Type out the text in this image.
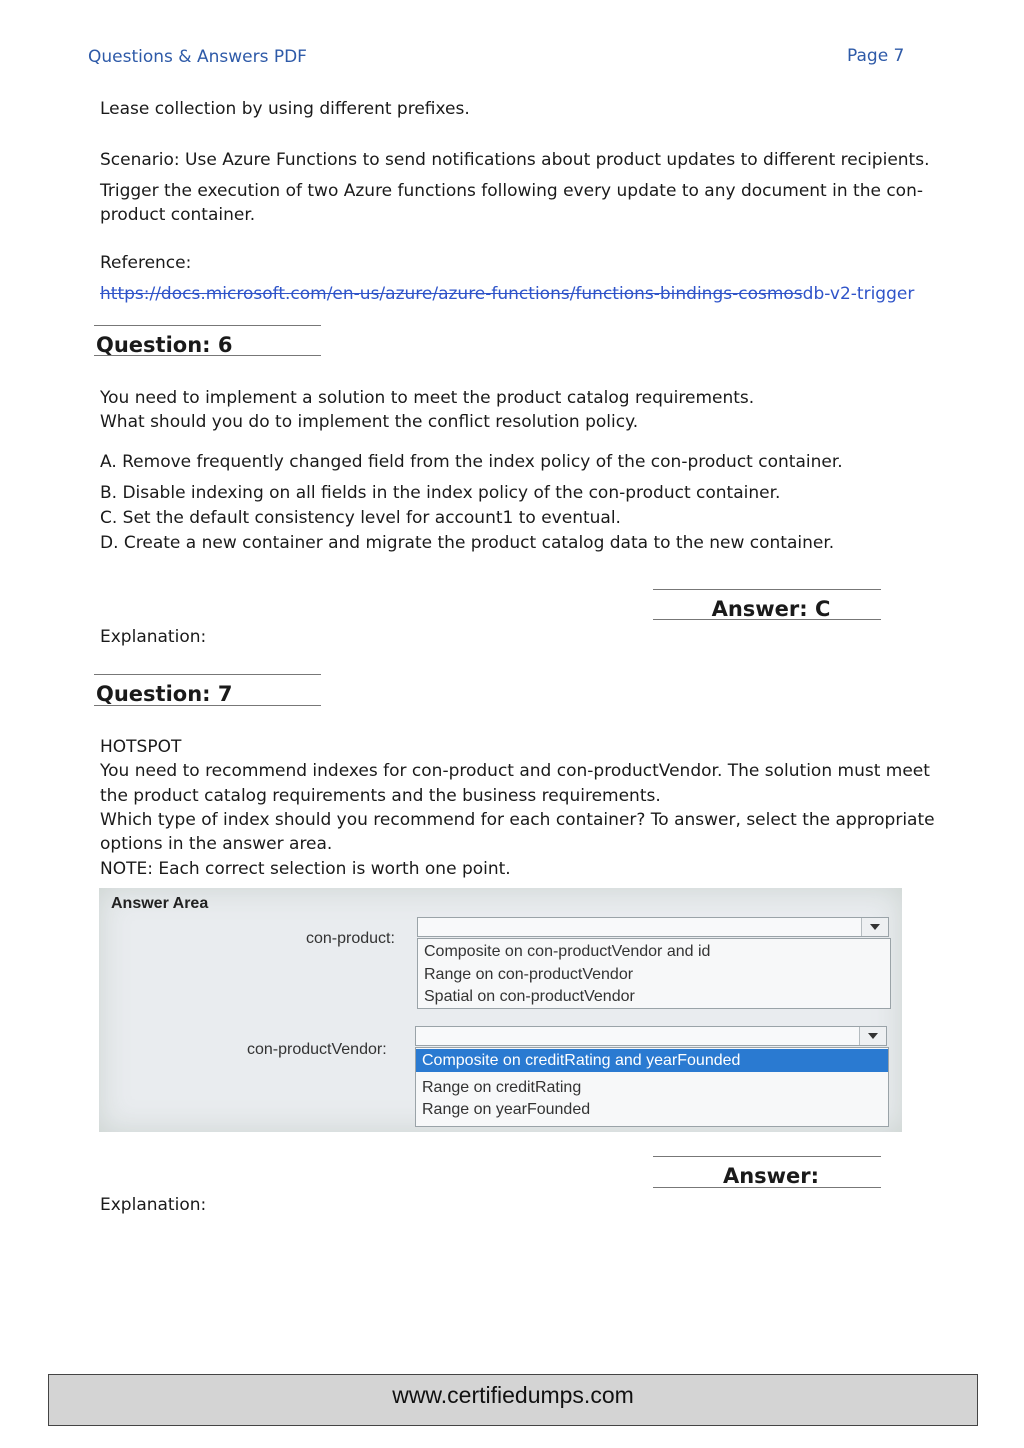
Questions & Answers PDF	Page 7
Lease collection by using different prefixes.
Scenario: Use Azure Functions to send notifications about product updates to different recipients.
Trigger the execution of two Azure functions following every update to any document in the con-
product container.
Reference:
https://docs.microsoft.com/en-us/azure/azure-functions/functions-bindings-cosmosdb-v2-trigger
Question: 6
You need to implement a solution to meet the product catalog requirements.
What should you do to implement the conflict resolution policy.
A. Remove frequently changed field from the index policy of the con-product container.
B. Disable indexing on all fields in the index policy of the con-product container.
C. Set the default consistency level for account1 to eventual.
D. Create a new container and migrate the product catalog data to the new container.
Answer: C
Explanation:
Question: 7
HOTSPOT
You need to recommend indexes for con-product and con-productVendor. The solution must meet
the product catalog requirements and the business requirements.
Which type of index should you recommend for each container? To answer, select the appropriate
options in the answer area.
NOTE: Each correct selection is worth one point.
Answer Area
con-product:
Composite on con-productVendor and id
Range on con-productVendor
Spatial on con-productVendor
con-productVendor:
Composite on creditRating and yearFounded
Range on creditRating
Range on yearFounded
Answer:
Explanation:
www.certifiedumps.com
